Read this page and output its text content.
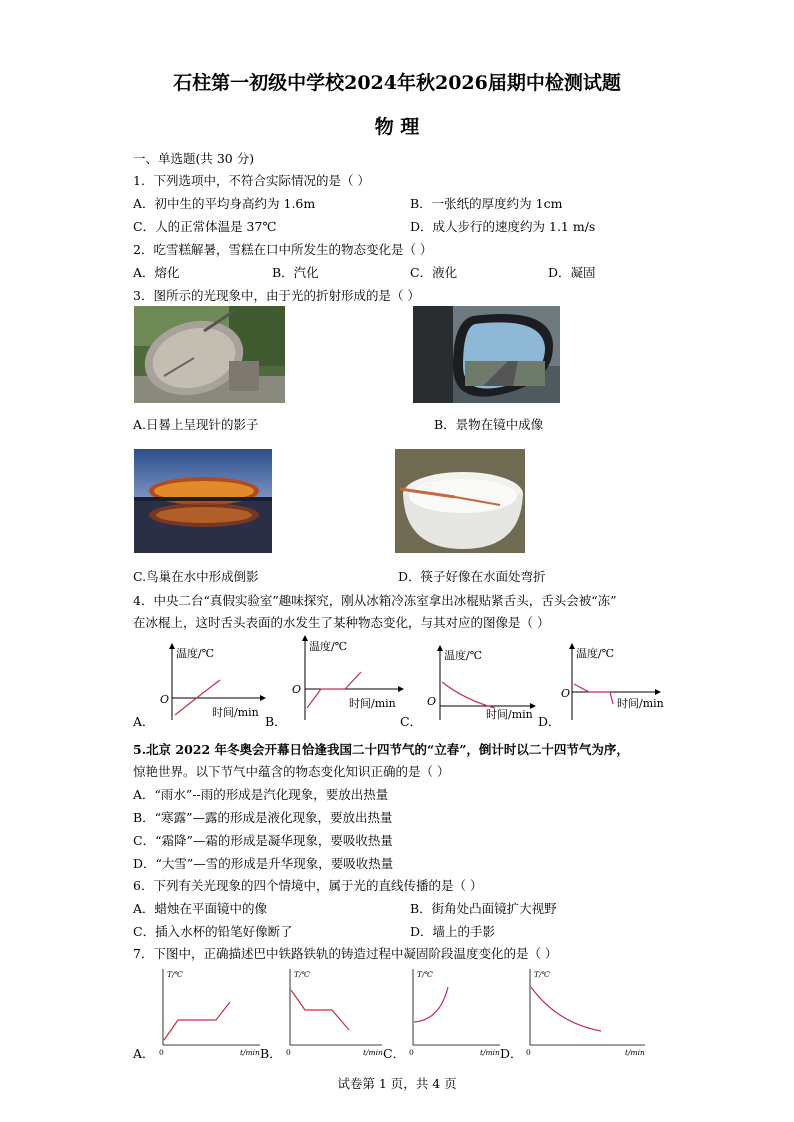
石柱第一初级中学校2024年秋2026届期中检测试题
物 理
一、单选题(共 30 分)
1．下列选项中，不符合实际情况的是（ ）
A．初中生的平均身高约为 1.6m	B．一张纸的厚度约为 1cm
C．人的正常体温是 37℃	D．成人步行的速度约为 1.1 m/s
2．吃雪糕解暑，雪糕在口中所发生的物态变化是（ ）
A．熔化	B．汽化	C．液化	D．凝固
3．图所示的光现象中，由于光的折射形成的是（ ）
A.日晷上呈现针的影子	B．景物在镜中成像
C.鸟巢在水中形成倒影	D．筷子好像在水面处弯折
4．中央二台“真假实验室”趣味探究，刚从冰箱冷冻室拿出冰棍贴紧舌头，舌头会被“冻”
在冰棍上，这时舌头表面的水发生了某种物态变化，与其对应的图像是（ ）
温度/℃
O
时间/min
A．
温度/℃
O
时间/min
B．
温度/℃
O
时间/min
C．
温度/℃
O
时间/min
D．
5.北京 2022 年冬奥会开幕日恰逢我国二十四节气的“立春”，倒计时以二十四节气为序，
惊艳世界。以下节气中蕴含的物态变化知识正确的是（ ）
A．“雨水”--雨的形成是汽化现象，要放出热量
B．“寒露”—露的形成是液化现象，要放出热量
C．“霜降”—霜的形成是凝华现象，要吸收热量
D．“大雪”—雪的形成是升华现象，要吸收热量
6．下列有关光现象的四个情境中，属于光的直线传播的是（ ）
A．蜡烛在平面镜中的像	B．街角处凸面镜扩大视野
C．插入水杯的铅笔好像断了	D．墙上的手影
7．下图中，正确描述巴中铁路铁轨的铸造过程中凝固阶段温度变化的是（ ）
T/℃
0	t/min
A．
T/℃
0	t/min
B．
T/℃
0	t/min
C．
T/℃
0	t/min
D．
试卷第 1 页，共 4 页
